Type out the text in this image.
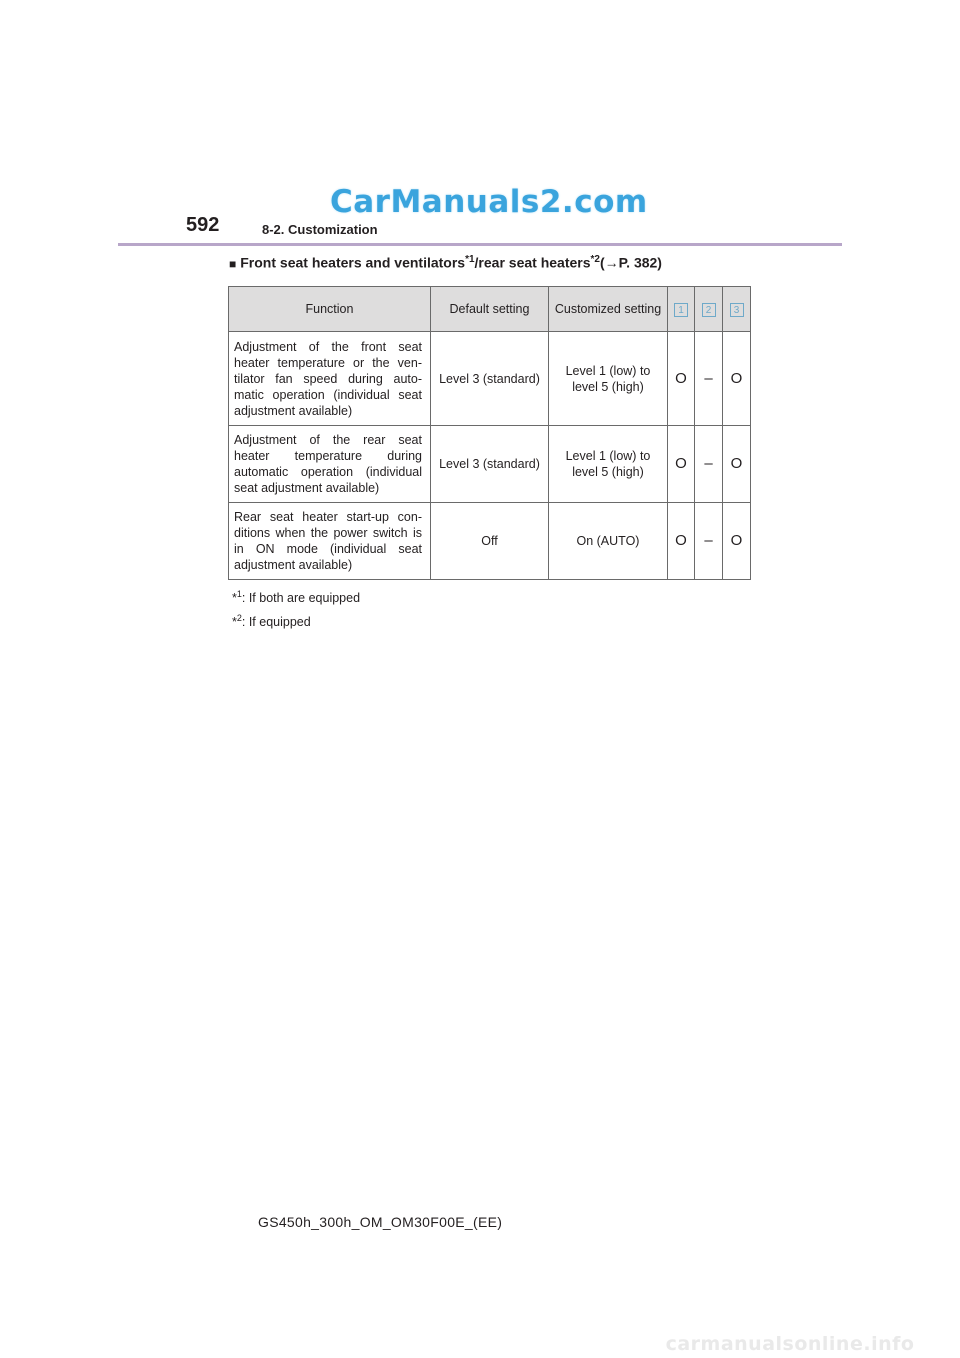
CarManuals2.com
592	8-2. Customization
■ Front seat heaters and ventilators$^{*1}$/rear seat heaters$^{*2}$(→P. 382)
Function	Default setting	Customized setting	1	2	3
Adjustment of the front seat heater temperature or the ven- tilator fan speed during auto- matic operation (individual seat adjustment available)	Level 3 (standard)	Level 1 (low) to level 5 (high)	O	–	O
Adjustment of the rear seat heater temperature during automatic operation (individual seat adjustment available)	Level 3 (standard)	Level 1 (low) to level 5 (high)	O	–	O
Rear seat heater start-up con- ditions when the power switch is in ON mode (individual seat adjustment available)	Off	On (AUTO)	O	–	O
*$^1$: If both are equipped
*$^2$: If equipped
GS450h_300h_OM_OM30F00E_(EE)
carmanualsonline.info
